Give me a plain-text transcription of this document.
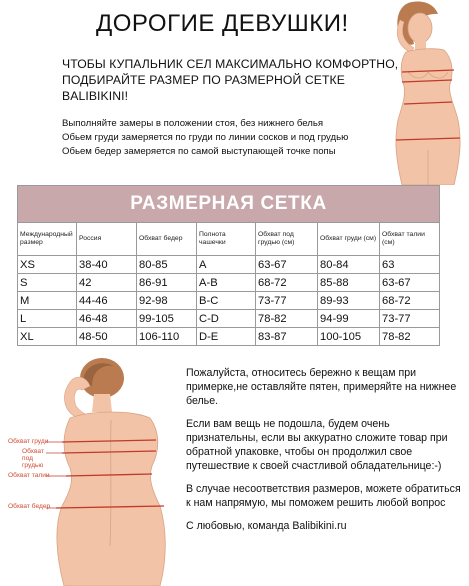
ДОРОГИЕ ДЕВУШКИ!
ЧТОБЫ КУПАЛЬНИК СЕЛ МАКСИМАЛЬНО КОМФОРТНО,
ПОДБИРАЙТЕ РАЗМЕР ПО РАЗМЕРНОЙ СЕТКЕ BALIBIKINI!
Выполняйте замеры в положении стоя, без нижнего белья
Обьем груди замеряется по груди по линии сосков и под грудью
Обьем бедер замеряется по самой выступающей точке попы
РАЗМЕРНАЯ СЕТКА						
Международный размер	Россия	Обхват бедер	Полнота чашечки	Обхват под грудью (см)	Обхват груди (см)	Обхват талии (см)
XS	38-40	80-85	A	63-67	80-84	63
S	42	86-91	A-B	68-72	85-88	63-67
M	44-46	92-98	B-C	73-77	89-93	68-72
L	46-48	99-105	C-D	78-82	94-99	73-77
XL	48-50	106-110	D-E	83-87	100-105	78-82
Обхват груди
Обхват под грудью
Обхват талии
Обхват бедер

Пожалуйста, относитесь бережно к вещам при примерке,не оставляйте пятен, примеряйте на нижнее белье.

Если вам вещь не подошла, будем очень признательны, если вы аккуратно сложите товар при обратной упаковке, чтобы он продолжил свое путешествие к своей счастливой обладательнице:-)

В случае несоответствия размеров, можете обратиться к нам напрямую, мы поможем решить любой вопрос

С любовью, команда Balibikini.ru
